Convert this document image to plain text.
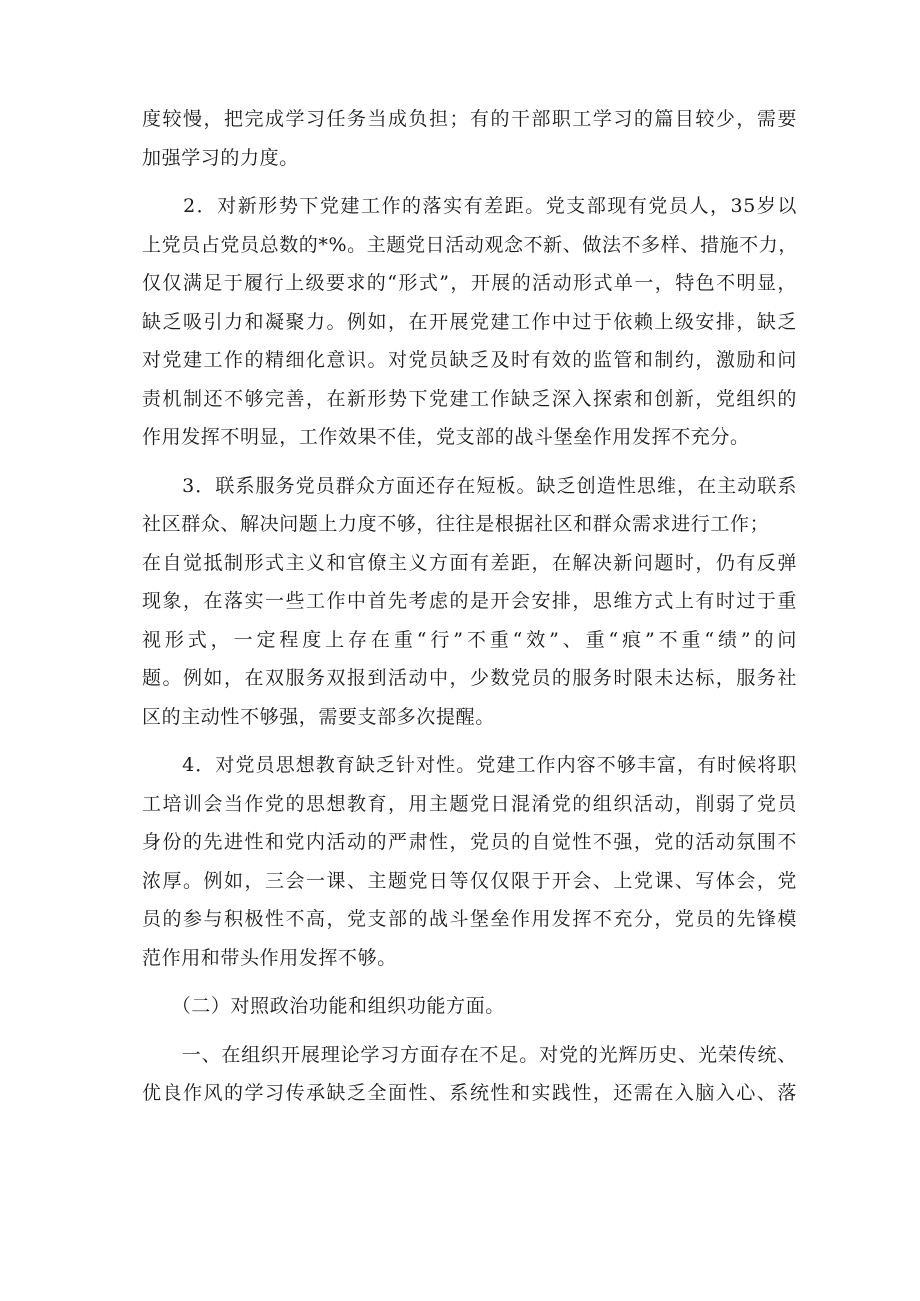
度较慢，把完成学习任务当成负担；有的干部职工学习的篇目较少，需要
加强学习的力度。
　　2．对新形势下党建工作的落实有差距。党支部现有党员人，35岁以
上党员占党员总数的*%。主题党日活动观念不新、做法不多样、措施不力，
仅仅满足于履行上级要求的“形式”，开展的活动形式单一，特色不明显，
缺乏吸引力和凝聚力。例如，在开展党建工作中过于依赖上级安排，缺乏
对党建工作的精细化意识。对党员缺乏及时有效的监管和制约，激励和问
责机制还不够完善，在新形势下党建工作缺乏深入探索和创新，党组织的
作用发挥不明显，工作效果不佳，党支部的战斗堡垒作用发挥不充分。
　　3．联系服务党员群众方面还存在短板。缺乏创造性思维，在主动联系
社区群众、解决问题上力度不够，往往是根据社区和群众需求进行工作；
在自觉抵制形式主义和官僚主义方面有差距，在解决新问题时，仍有反弹
现象，在落实一些工作中首先考虑的是开会安排，思维方式上有时过于重
视形式，一定程度上存在重“行”不重“效”、重“痕”不重“绩”的问
题。例如，在双服务双报到活动中，少数党员的服务时限未达标，服务社
区的主动性不够强，需要支部多次提醒。
　　4．对党员思想教育缺乏针对性。党建工作内容不够丰富，有时候将职
工培训会当作党的思想教育，用主题党日混淆党的组织活动，削弱了党员
身份的先进性和党内活动的严肃性，党员的自觉性不强，党的活动氛围不
浓厚。例如，三会一课、主题党日等仅仅限于开会、上党课、写体会，党
员的参与积极性不高，党支部的战斗堡垒作用发挥不充分，党员的先锋模
范作用和带头作用发挥不够。
　　（二）对照政治功能和组织功能方面。
　　一、在组织开展理论学习方面存在不足。对党的光辉历史、光荣传统、
优良作风的学习传承缺乏全面性、系统性和实践性，还需在入脑入心、落
